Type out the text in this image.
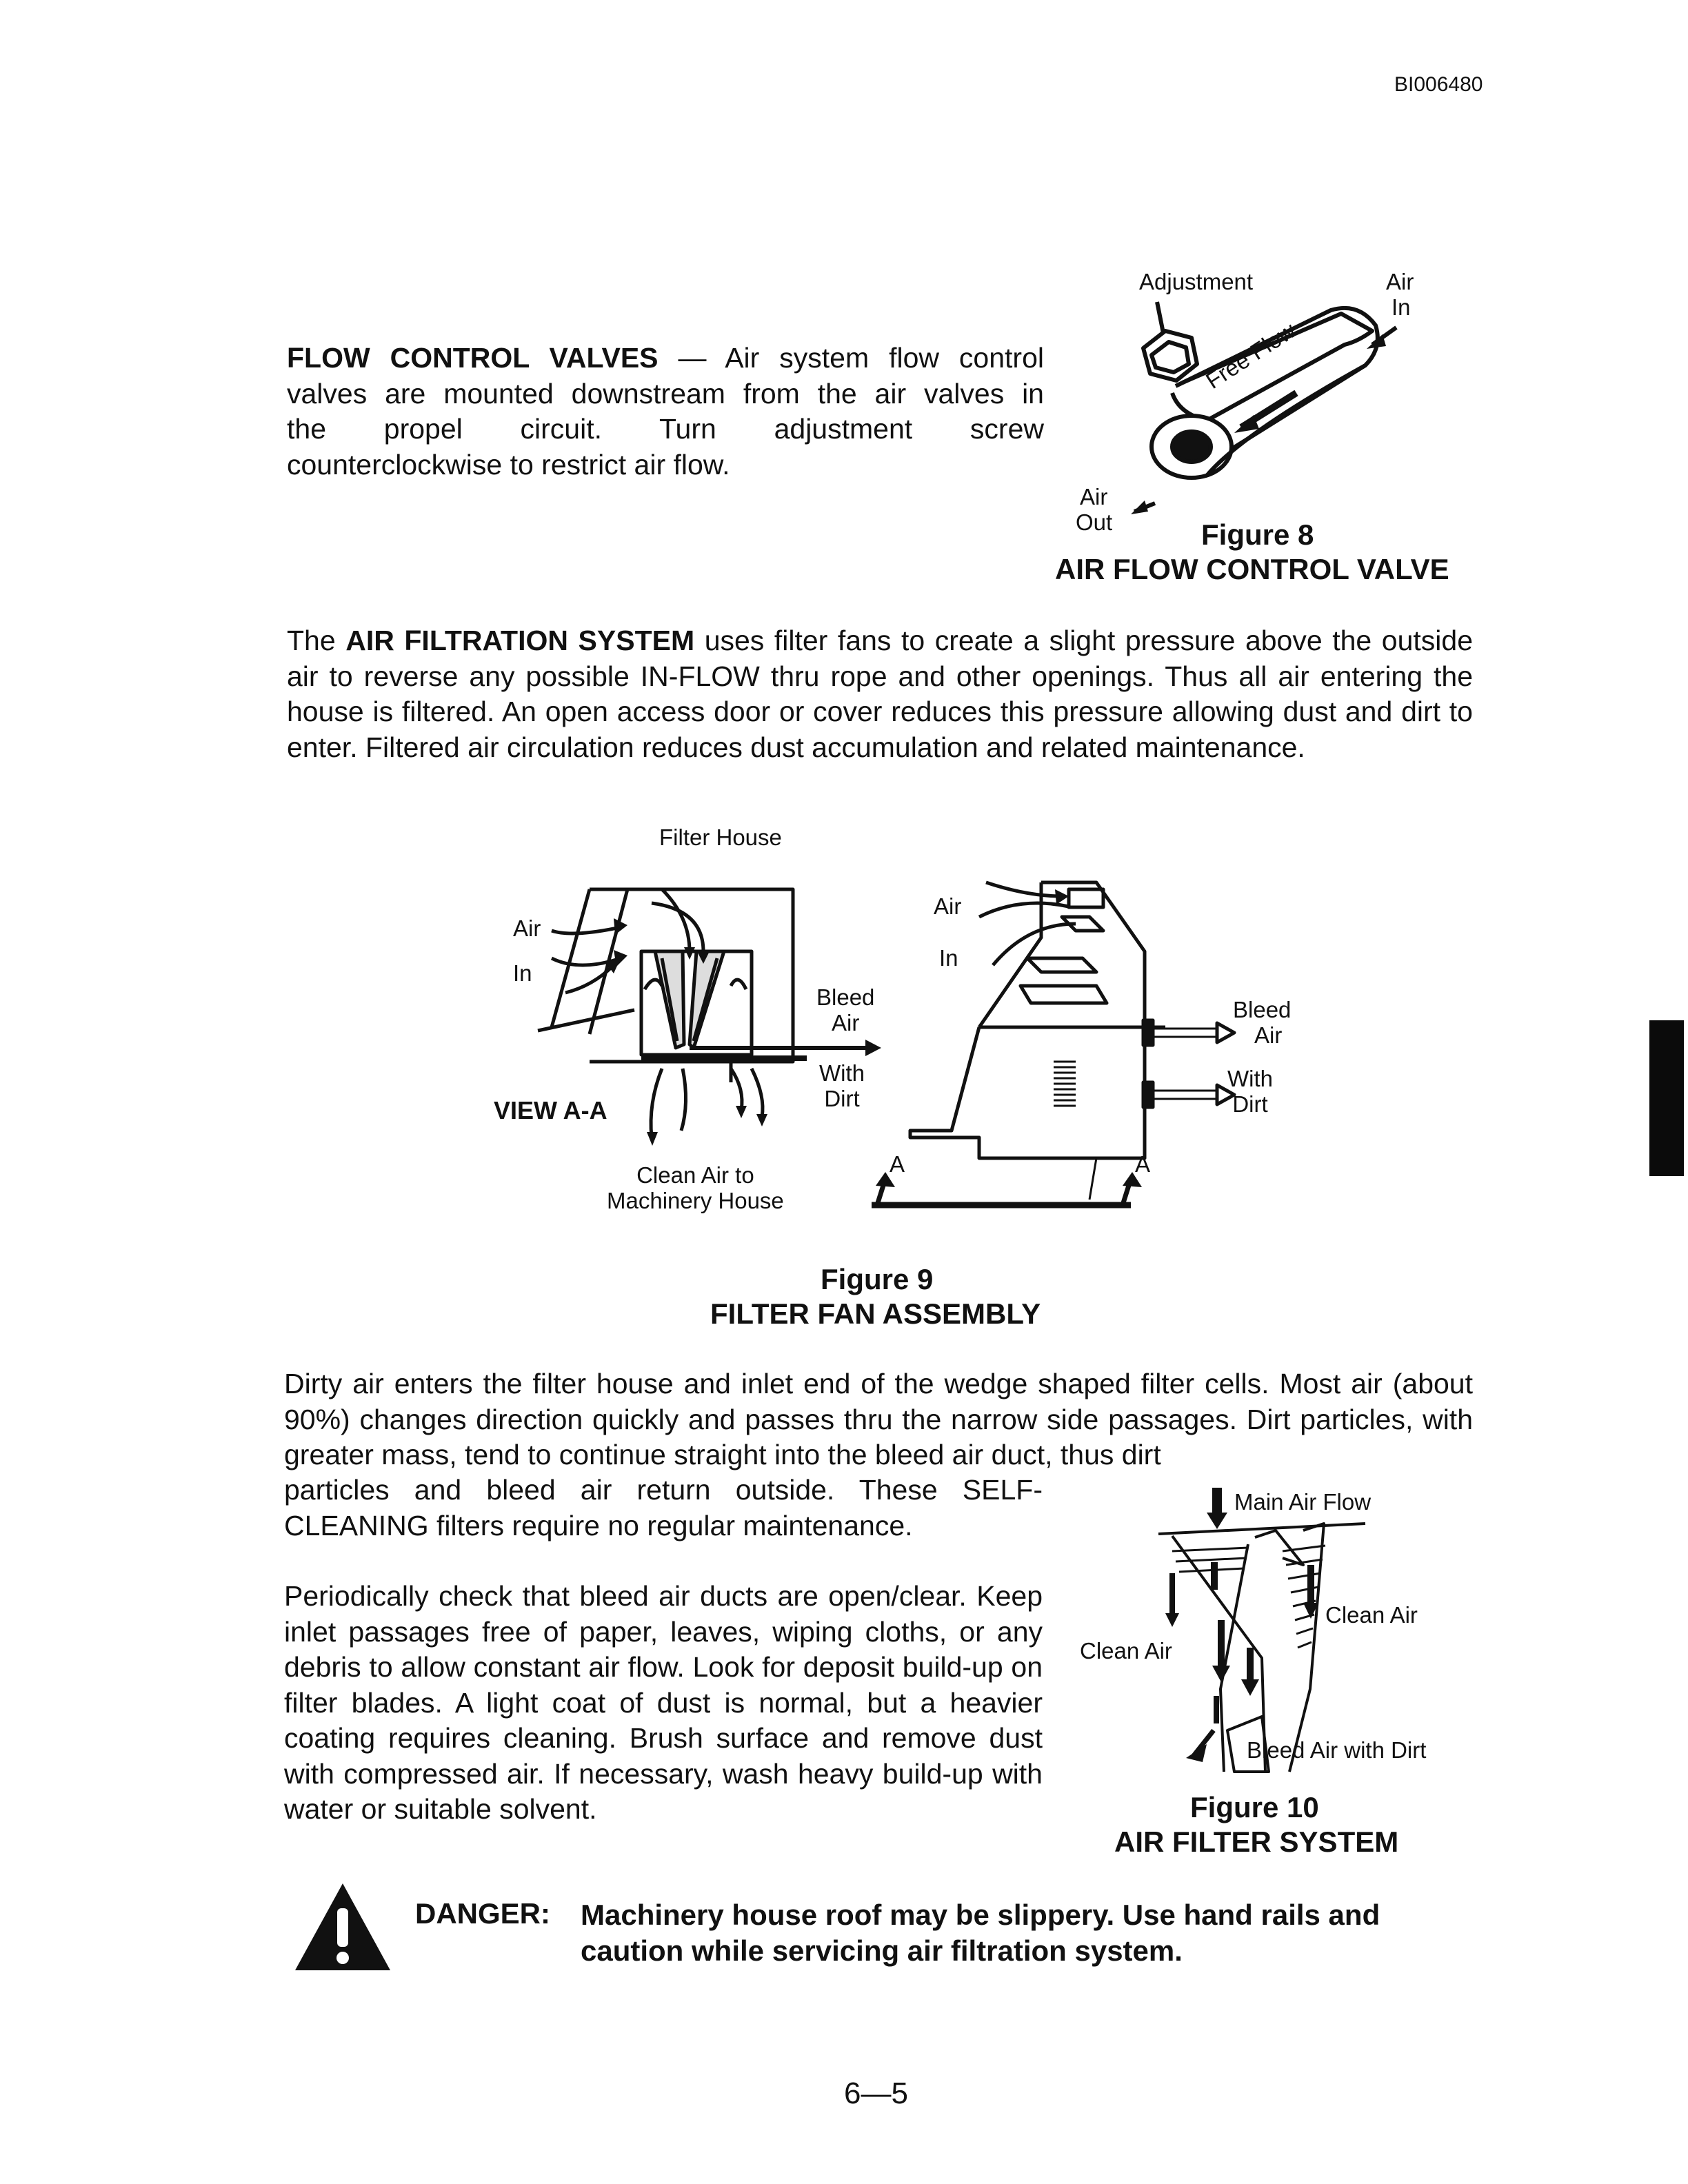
BI006480
FLOW CONTROL VALVES — Air system flow control
valves are mounted downstream from the air valves in
the propel circuit. Turn adjustment screw
counterclockwise to restrict air flow.
Adjustment	Air
In
Free Flow
Air
Out	Figure 8
AIR FLOW CONTROL VALVE
The AIR FILTRATION SYSTEM uses filter fans to create a slight pressure above the outside air to reverse any possible IN-FLOW thru rope and other openings. Thus all air entering the house is filtered. An open access door or cover reduces this pressure allowing dust and dirt to enter. Filtered air circulation reduces dust accumulation and related maintenance.
Filter House
Air
In
Bleed
Air
With
Dirt
VIEW A-A
Clean Air to
Machinery House
Air
In
Bleed
Air
With
Dirt
A	A
Figure 9
FILTER FAN ASSEMBLY
Dirty air enters the filter house and inlet end of the wedge shaped filter cells. Most air (about 90%) changes direction quickly and passes thru the narrow side passages. Dirt particles, with greater mass, tend to continue straight into the bleed air duct, thus dirt
particles and bleed air return outside. These SELF-
CLEANING filters require no regular maintenance.
Periodically check that bleed air ducts are open/clear. Keep inlet passages free of paper, leaves, wiping cloths, or any debris to allow constant air flow. Look for deposit build-up on filter blades. A light coat of dust is normal, but a heavier coating requires cleaning. Brush surface and remove dust with compressed air. If necessary, wash heavy build-up with water or suitable solvent.
Main Air Flow
Clean Air
Clean Air
Bleed Air with Dirt
Figure 10
AIR FILTER SYSTEM
DANGER: Machinery house roof may be slippery. Use hand rails and caution while servicing air filtration system.
6—5
